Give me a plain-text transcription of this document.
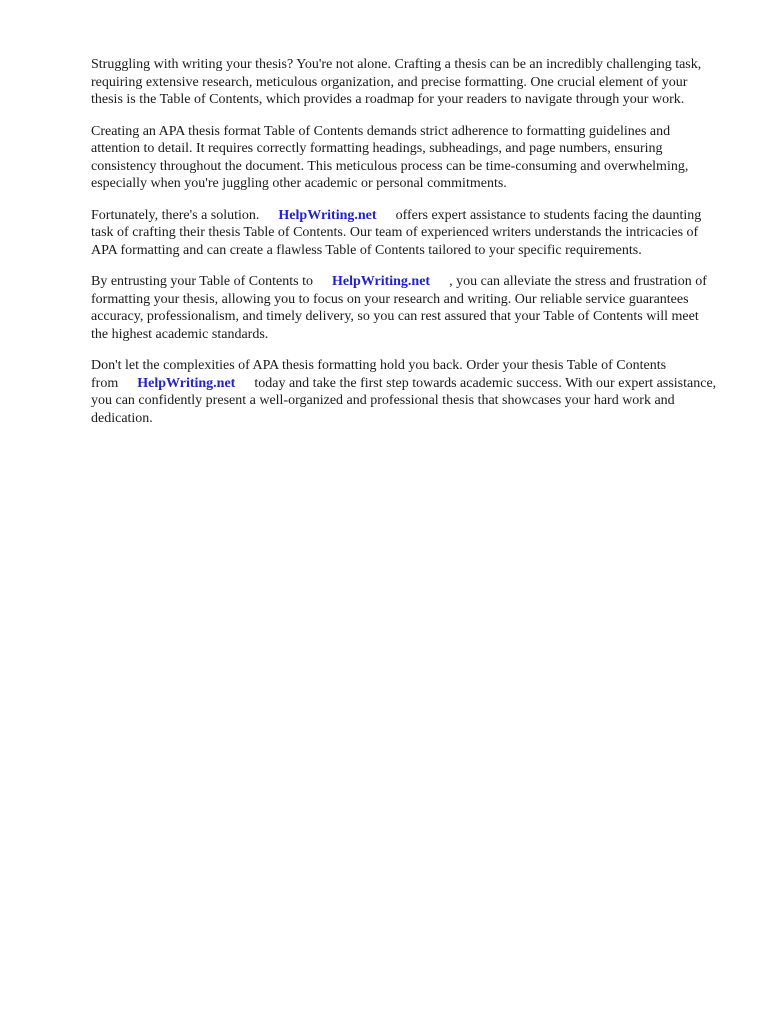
Struggling with writing your thesis? You're not alone. Crafting a thesis can be an incredibly challenging task, requiring extensive research, meticulous organization, and precise formatting. One crucial element of your thesis is the Table of Contents, which provides a roadmap for your readers to navigate through your work.

Creating an APA thesis format Table of Contents demands strict adherence to formatting guidelines and attention to detail. It requires correctly formatting headings, subheadings, and page numbers, ensuring consistency throughout the document. This meticulous process can be time-consuming and overwhelming, especially when you're juggling other academic or personal commitments.

Fortunately, there's a solution. HelpWriting.net offers expert assistance to students facing the daunting task of crafting their thesis Table of Contents. Our team of experienced writers understands the intricacies of APA formatting and can create a flawless Table of Contents tailored to your specific requirements.

By entrusting your Table of Contents to HelpWriting.net , you can alleviate the stress and frustration of formatting your thesis, allowing you to focus on your research and writing. Our reliable service guarantees accuracy, professionalism, and timely delivery, so you can rest assured that your Table of Contents will meet the highest academic standards.

Don't let the complexities of APA thesis formatting hold you back. Order your thesis Table of Contents from HelpWriting.net today and take the first step towards academic success. With our expert assistance, you can confidently present a well-organized and professional thesis that showcases your hard work and dedication.
